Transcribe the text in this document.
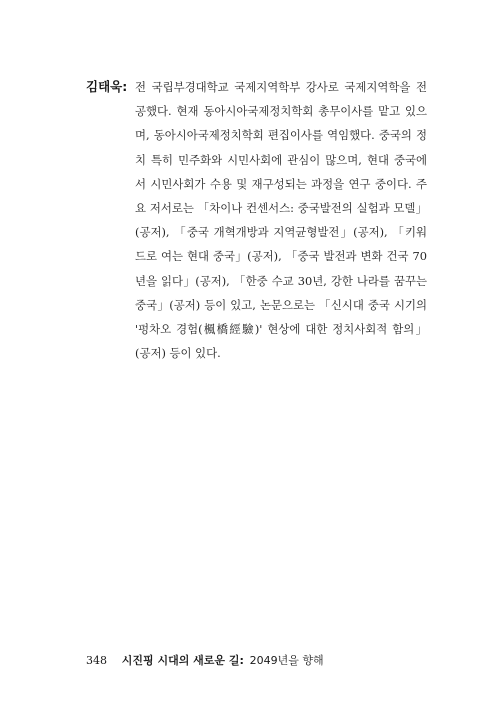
김태욱: 전 국립부경대학교 국제지역학부 강사로 국제지역학을 전공했다. 현재 동아시아국제정치학회 총무이사를 맡고 있으며, 동아시아국제정치학회 편집이사를 역임했다. 중국의 정치 특히 민주화와 시민사회에 관심이 많으며, 현대 중국에서 시민사회가 수용 및 재구성되는 과정을 연구 중이다. 주요 저서로는 「차이나 컨센서스: 중국발전의 실험과 모델」(공저), 「중국 개혁개방과 지역균형발전」(공저), 「키워드로 여는 현대 중국」(공저), 「중국 발전과 변화 건국 70년을 읽다」(공저), 「한중 수교 30년, 강한 나라를 꿈꾸는 중국」(공저) 등이 있고, 논문으로는 「신시대 중국 시기의 '펑차오 경험(楓橋經驗)' 현상에 대한 정치사회적 함의」(공저) 등이 있다.

348 시진핑 시대의 새로운 길: 2049년을 향해
